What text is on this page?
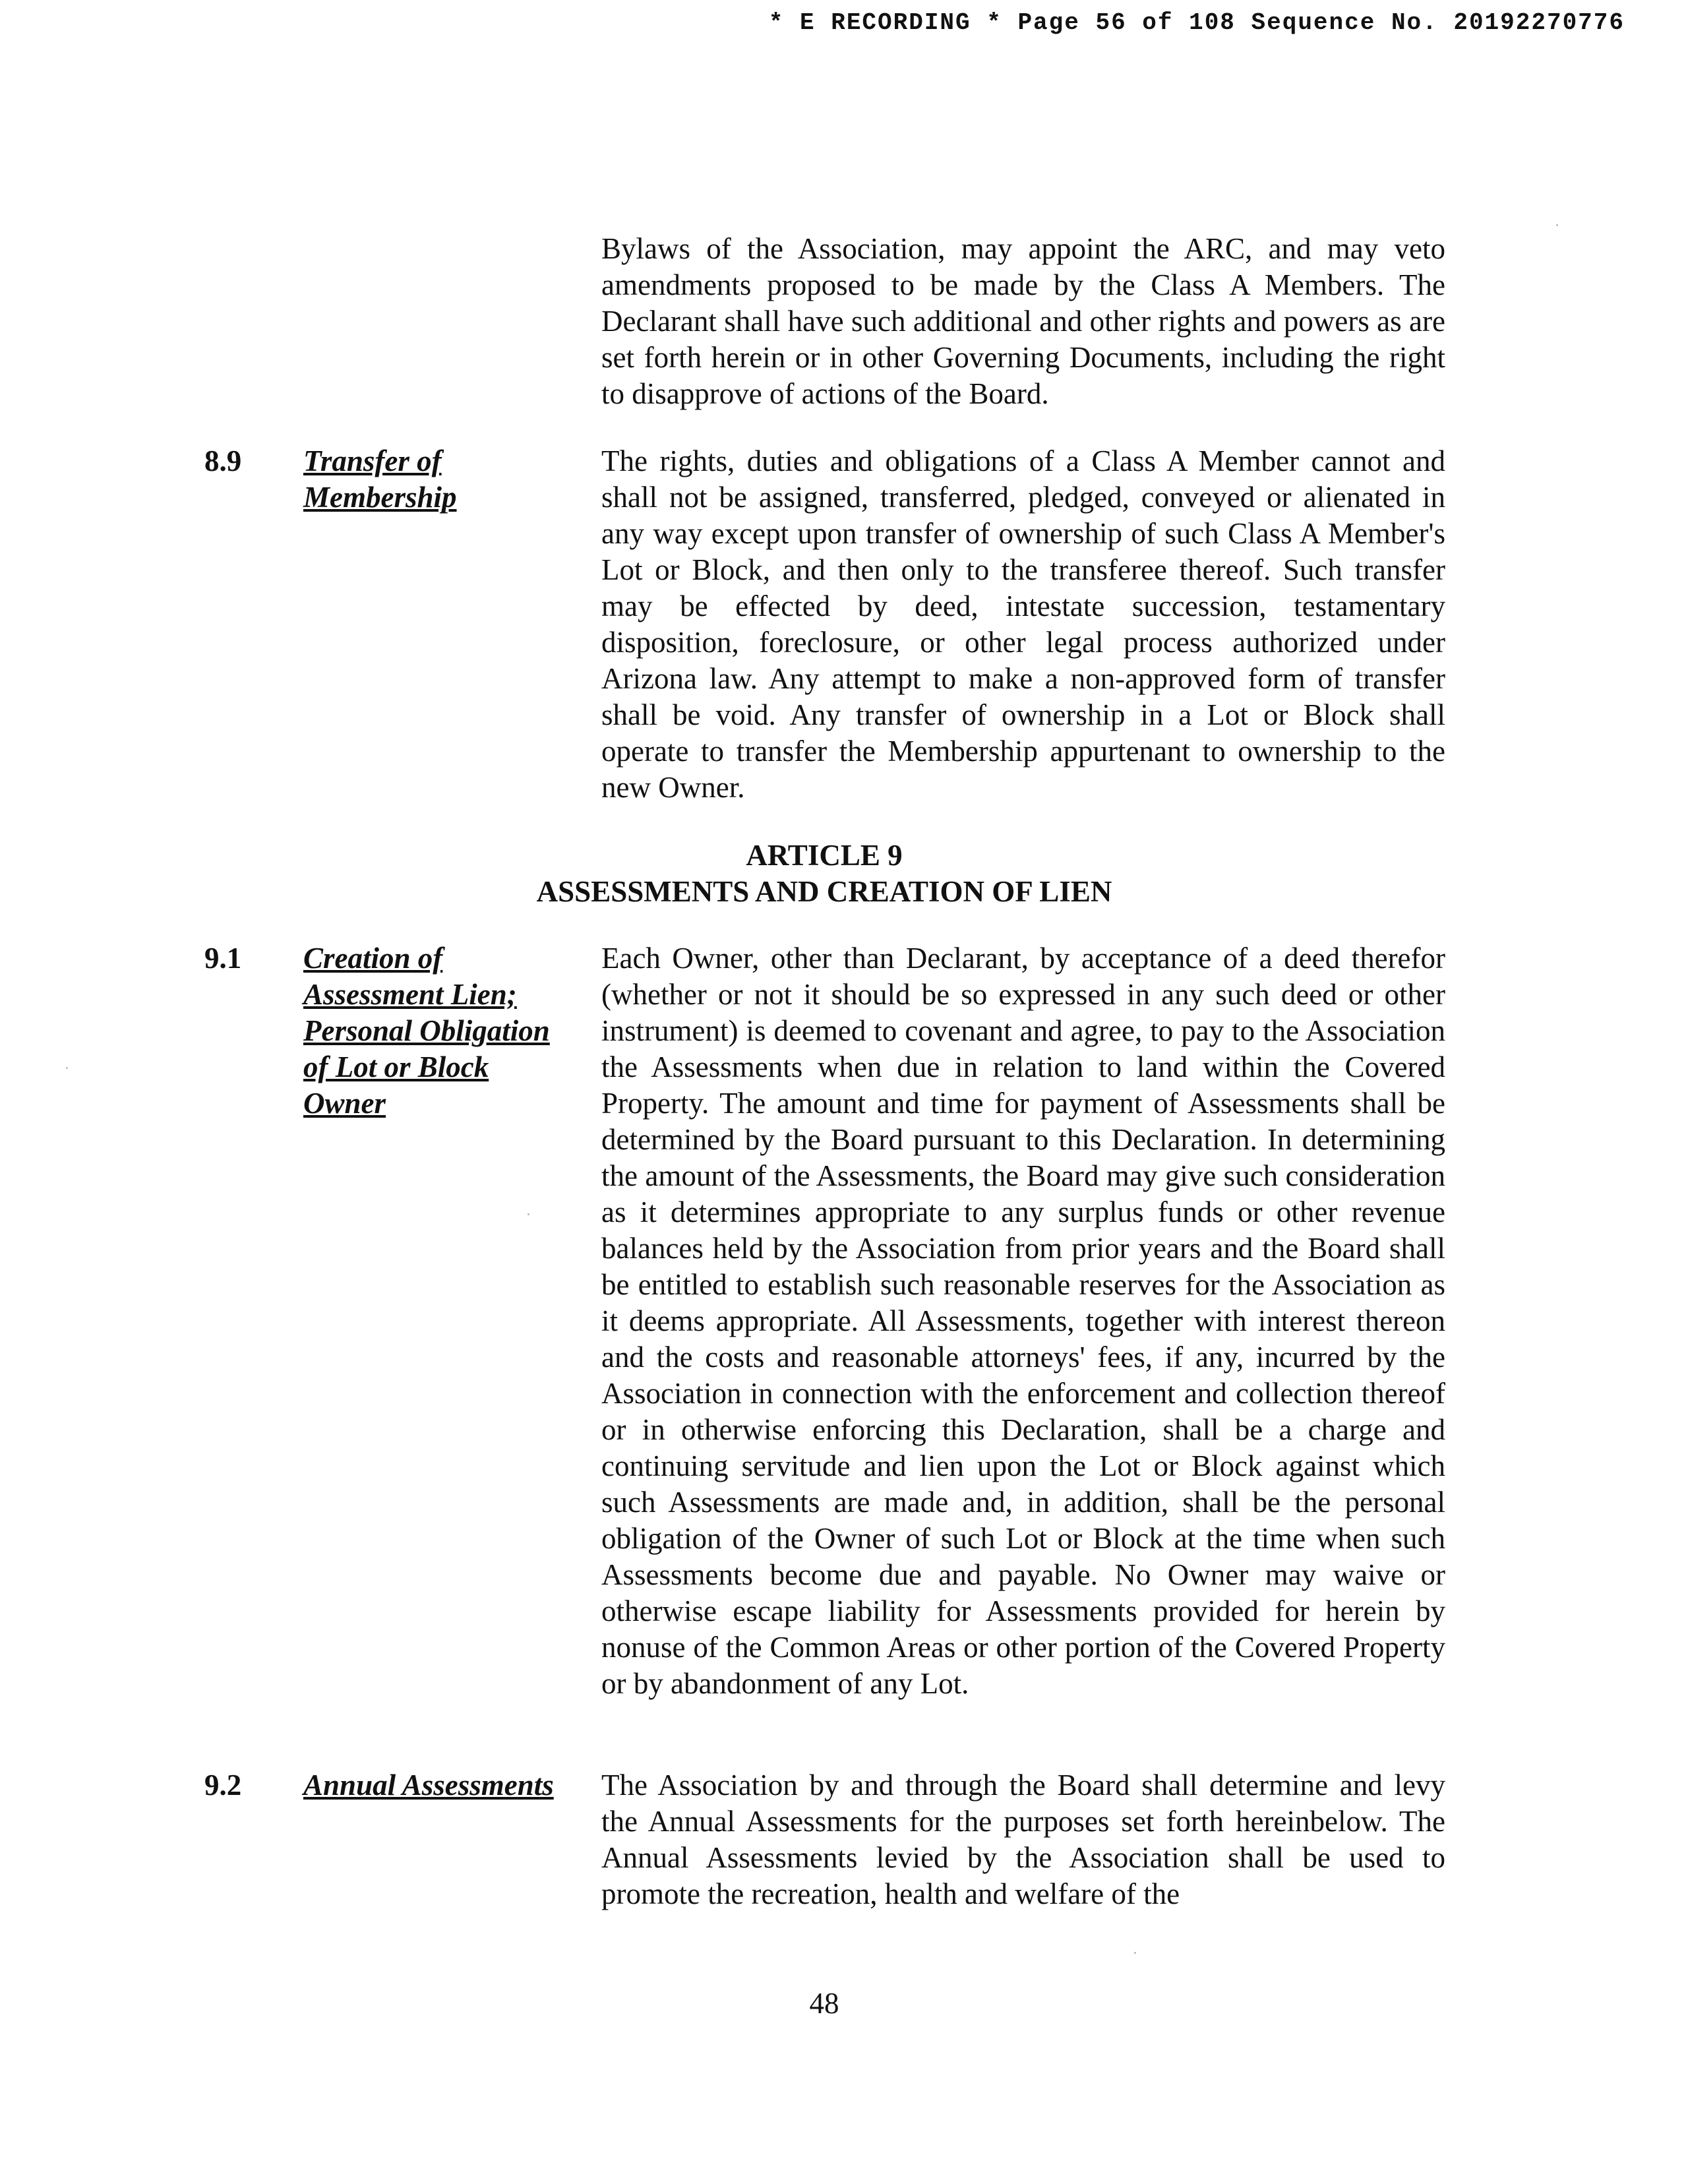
* E RECORDING * Page 56 of 108 Sequence No. 20192270776
Bylaws of the Association, may appoint the ARC, and may veto amendments proposed to be made by the Class A Members. The Declarant shall have such additional and other rights and powers as are set forth herein or in other Governing Documents, including the right to disapprove of actions of the Board.
8.9 Transfer of
Membership
The rights, duties and obligations of a Class A Member cannot and shall not be assigned, transferred, pledged, conveyed or alienated in any way except upon transfer of ownership of such Class A Member's Lot or Block, and then only to the transferee thereof. Such transfer may be effected by deed, intestate succession, testamentary disposition, foreclosure, or other legal process authorized under Arizona law. Any attempt to make a non-approved form of transfer shall be void. Any transfer of ownership in a Lot or Block shall operate to transfer the Membership appurtenant to ownership to the new Owner.
ARTICLE 9
ASSESSMENTS AND CREATION OF LIEN
9.1 Creation of
Assessment Lien;
Personal Obligation
of Lot or Block
Owner
Each Owner, other than Declarant, by acceptance of a deed therefor (whether or not it should be so expressed in any such deed or other instrument) is deemed to covenant and agree, to pay to the Association the Assessments when due in relation to land within the Covered Property. The amount and time for payment of Assessments shall be determined by the Board pursuant to this Declaration. In determining the amount of the Assessments, the Board may give such consideration as it determines appropriate to any surplus funds or other revenue balances held by the Association from prior years and the Board shall be entitled to establish such reasonable reserves for the Association as it deems appropriate. All Assessments, together with interest thereon and the costs and reasonable attorneys' fees, if any, incurred by the Association in connection with the enforcement and collection thereof or in otherwise enforcing this Declaration, shall be a charge and continuing servitude and lien upon the Lot or Block against which such Assessments are made and, in addition, shall be the personal obligation of the Owner of such Lot or Block at the time when such Assessments become due and payable. No Owner may waive or otherwise escape liability for Assessments provided for herein by nonuse of the Common Areas or other portion of the Covered Property or by abandonment of any Lot.
9.2 Annual Assessments	The Association by and through the Board shall determine and levy the Annual Assessments for the purposes set forth hereinbelow. The Annual Assessments levied by the Association shall be used to promote the recreation, health and welfare of the
48
